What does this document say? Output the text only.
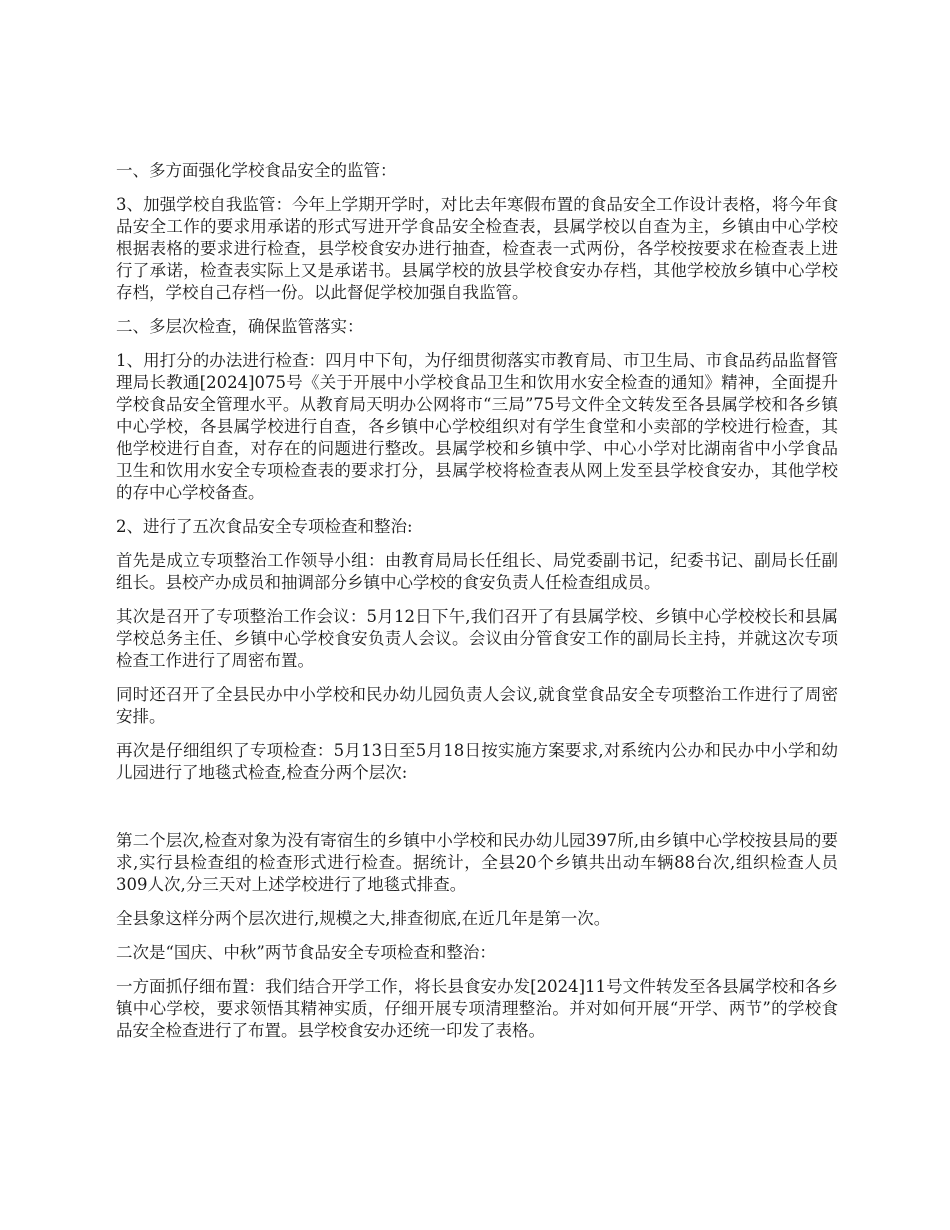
一、多方面强化学校食品安全的监管：

3、加强学校自我监管：今年上学期开学时，对比去年寒假布置的食品安全工作设计表格，将今年食品安全工作的要求用承诺的形式写进开学食品安全检查表，县属学校以自查为主，乡镇由中心学校根据表格的要求进行检查，县学校食安办进行抽查，检查表一式两份，各学校按要求在检查表上进行了承诺，检查表实际上又是承诺书。县属学校的放县学校食安办存档，其他学校放乡镇中心学校存档，学校自己存档一份。以此督促学校加强自我监管。

二、多层次检查，确保监管落实：

1、用打分的办法进行检查：四月中下旬，为仔细贯彻落实市教育局、市卫生局、市食品药品监督管理局长教通[2024]075号《关于开展中小学校食品卫生和饮用水安全检查的通知》精神，全面提升学校食品安全管理水平。从教育局天明办公网将市“三局”75号文件全文转发至各县属学校和各乡镇中心学校，各县属学校进行自查，各乡镇中心学校组织对有学生食堂和小卖部的学校进行检查，其他学校进行自查，对存在的问题进行整改。县属学校和乡镇中学、中心小学对比湖南省中小学食品卫生和饮用水安全专项检查表的要求打分，县属学校将检查表从网上发至县学校食安办，其他学校的存中心学校备查。

2、进行了五次食品安全专项检查和整治:

首先是成立专项整治工作领导小组：由教育局局长任组长、局党委副书记，纪委书记、副局长任副组长。县校产办成员和抽调部分乡镇中心学校的食安负责人任检查组成员。

其次是召开了专项整治工作会议：5月12日下午,我们召开了有县属学校、乡镇中心学校校长和县属学校总务主任、乡镇中心学校食安负责人会议。会议由分管食安工作的副局长主持，并就这次专项检查工作进行了周密布置。

同时还召开了全县民办中小学校和民办幼儿园负责人会议,就食堂食品安全专项整治工作进行了周密安排。

再次是仔细组织了专项检查：5月13日至5月18日按实施方案要求,对系统内公办和民办中小学和幼儿园进行了地毯式检查,检查分两个层次:

第二个层次,检查对象为没有寄宿生的乡镇中小学校和民办幼儿园397所,由乡镇中心学校按县局的要求,实行县检查组的检查形式进行检查。据统计，全县20个乡镇共出动车辆88台次,组织检查人员309人次,分三天对上述学校进行了地毯式排查。

全县象这样分两个层次进行,规模之大,排查彻底,在近几年是第一次。

二次是“国庆、中秋”两节食品安全专项检查和整治：

一方面抓仔细布置：我们结合开学工作，将长县食安办发[2024]11号文件转发至各县属学校和各乡镇中心学校，要求领悟其精神实质，仔细开展专项清理整治。并对如何开展“开学、两节”的学校食品安全检查进行了布置。县学校食安办还统一印发了表格。
